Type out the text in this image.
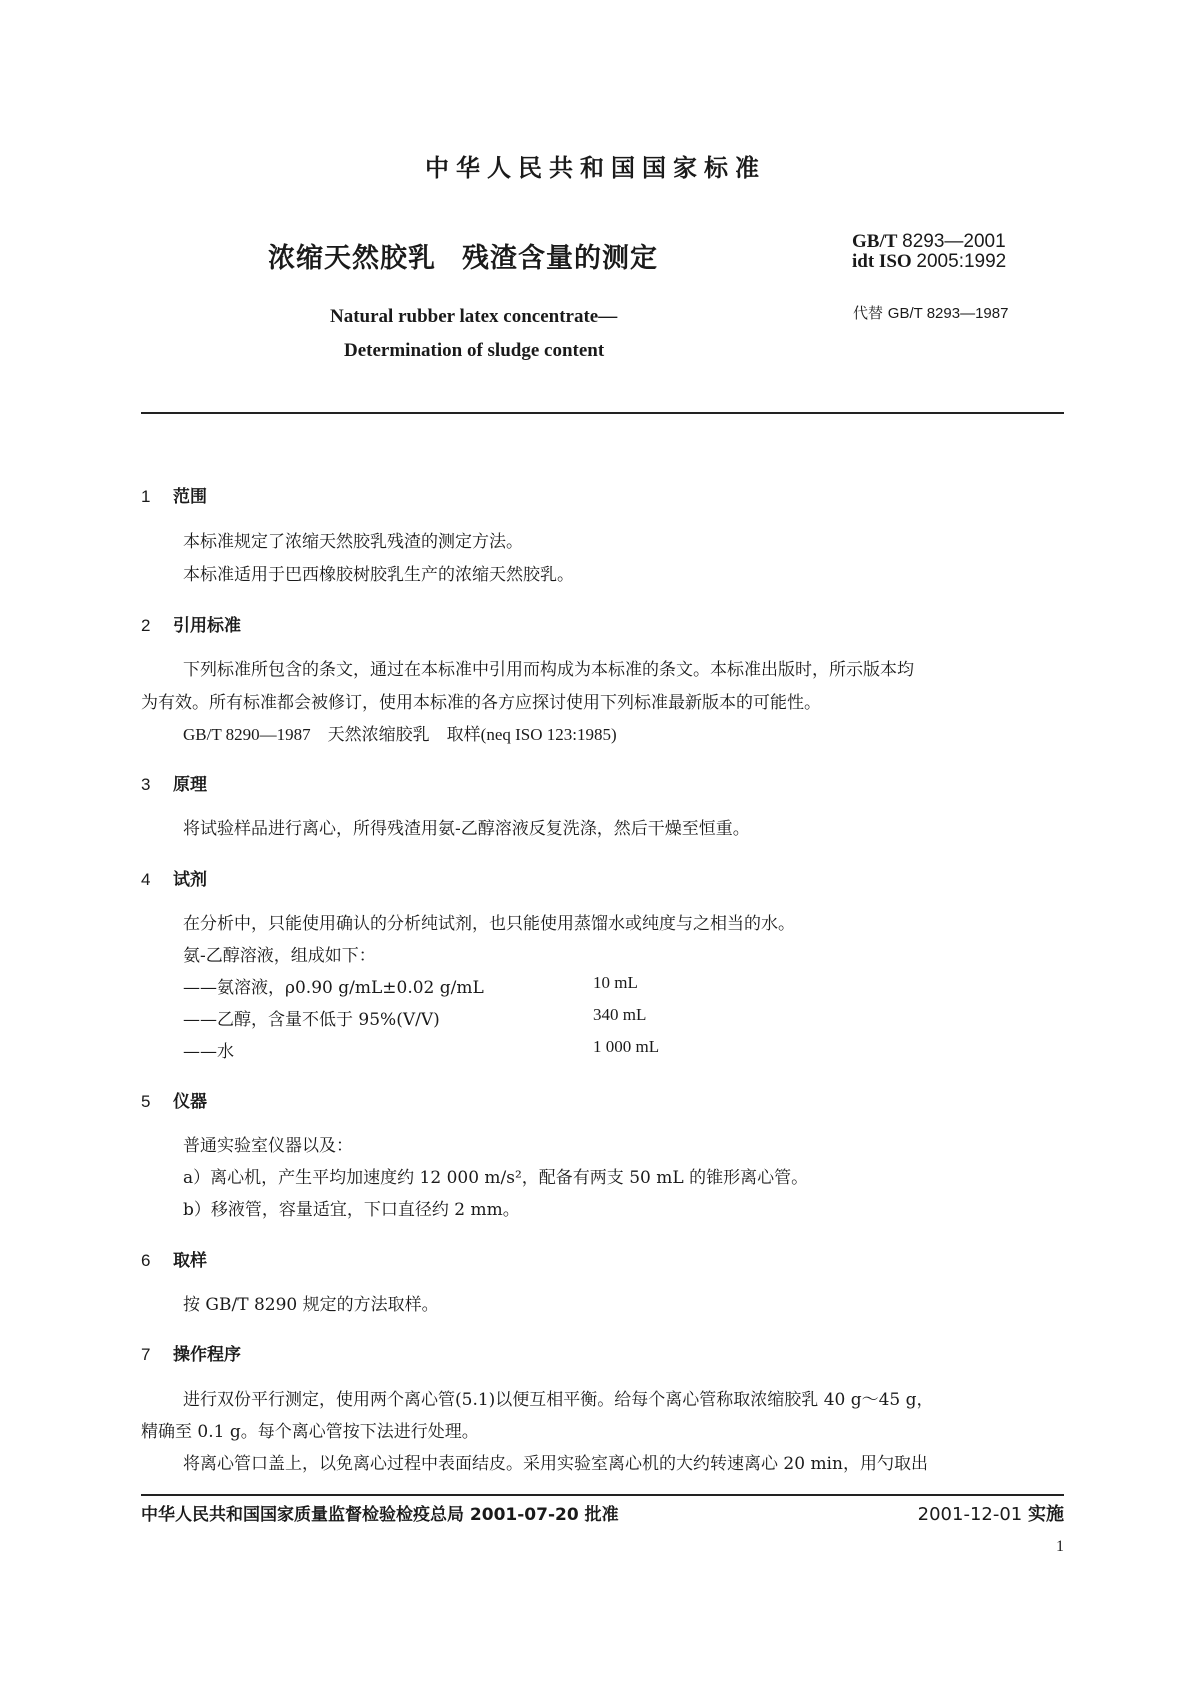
中华人民共和国国家标准
浓缩天然胶乳 残渣含量的测定
GB/T 8293—2001
idt ISO 2005:1992
Natural rubber latex concentrate—
Determination of sludge content
代替 GB/T 8293—1987
1 范围
本标准规定了浓缩天然胶乳残渣的测定方法。
本标准适用于巴西橡胶树胶乳生产的浓缩天然胶乳。
2 引用标准
下列标准所包含的条文，通过在本标准中引用而构成为本标准的条文。本标准出版时，所示版本均
为有效。所有标准都会被修订，使用本标准的各方应探讨使用下列标准最新版本的可能性。
GB/T 8290—1987　天然浓缩胶乳　取样(neq ISO 123:1985)
3 原理
将试验样品进行离心，所得残渣用氨-乙醇溶液反复洗涤，然后干燥至恒重。
4 试剂
在分析中，只能使用确认的分析纯试剂，也只能使用蒸馏水或纯度与之相当的水。
氨-乙醇溶液，组成如下：
——氨溶液，ρ0.90 g/mL±0.02 g/mL	10 mL
——乙醇，含量不低于 95%(V/V)	340 mL
——水	1 000 mL
5 仪器
普通实验室仪器以及：
a）离心机，产生平均加速度约 12 000 m/s²，配备有两支 50 mL 的锥形离心管。
b）移液管，容量适宜，下口直径约 2 mm。
6 取样
按 GB/T 8290 规定的方法取样。
7 操作程序
进行双份平行测定，使用两个离心管(5.1)以便互相平衡。给每个离心管称取浓缩胶乳 40 g～45 g，
精确至 0.1 g。每个离心管按下法进行处理。
将离心管口盖上，以免离心过程中表面结皮。采用实验室离心机的大约转速离心 20 min，用勺取出
中华人民共和国国家质量监督检验检疫总局 2001-07-20 批准	2001-12-01 实施
1
